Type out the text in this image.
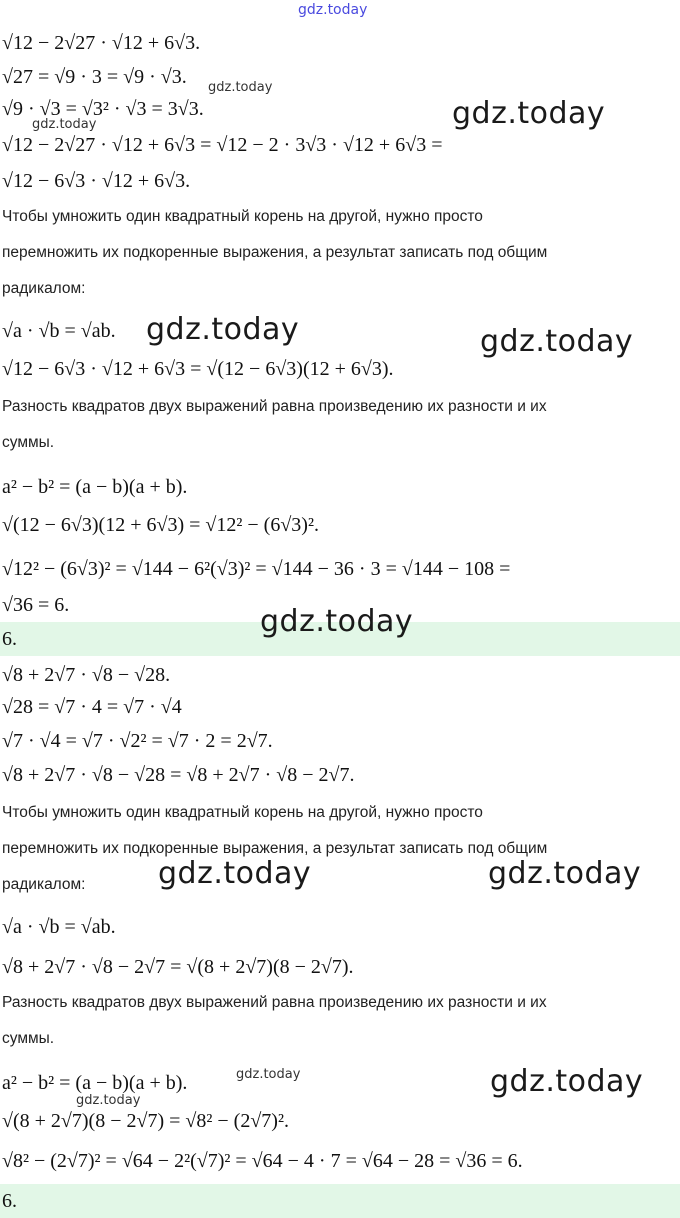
gdz.today
√12 − 2√27 · √12 + 6√3.
√27 = √9 · 3 = √9 · √3.
√9 · √3 = √3² · √3 = 3√3.
√12 − 2√27 · √12 + 6√3 = √12 − 2 · 3√3 · √12 + 6√3 =
√12 − 6√3 · √12 + 6√3.
Чтобы умножить один квадратный корень на другой, нужно просто
перемножить их подкоренные выражения, а результат записать под общим
радикалом:
√a · √b = √ab.
√12 − 6√3 · √12 + 6√3 = √(12 − 6√3)(12 + 6√3).
Разность квадратов двух выражений равна произведению их разности и их
суммы.
a² − b² = (a − b)(a + b).
√(12 − 6√3)(12 + 6√3) = √12² − (6√3)².
√12² − (6√3)² = √144 − 6²(√3)² = √144 − 36 · 3 = √144 − 108 =
√36 = 6.
6.
√8 + 2√7 · √8 − √28.
√28 = √7 · 4 = √7 · √4
√7 · √4 = √7 · √2² = √7 · 2 = 2√7.
√8 + 2√7 · √8 − √28 = √8 + 2√7 · √8 − 2√7.
Чтобы умножить один квадратный корень на другой, нужно просто
перемножить их подкоренные выражения, а результат записать под общим
радикалом:
√a · √b = √ab.
√8 + 2√7 · √8 − 2√7 = √(8 + 2√7)(8 − 2√7).
Разность квадратов двух выражений равна произведению их разности и их
суммы.
a² − b² = (a − b)(a + b).
√(8 + 2√7)(8 − 2√7) = √8² − (2√7)².
√8² − (2√7)² = √64 − 2²(√7)² = √64 − 4 · 7 = √64 − 28 = √36 = 6.
6.
gdz.today
gdz.today	gdz.today
gdz.today	gdz.today
gdz.today
gdz.today	gdz.today
gdz.today
gdz.today
gdz.today
